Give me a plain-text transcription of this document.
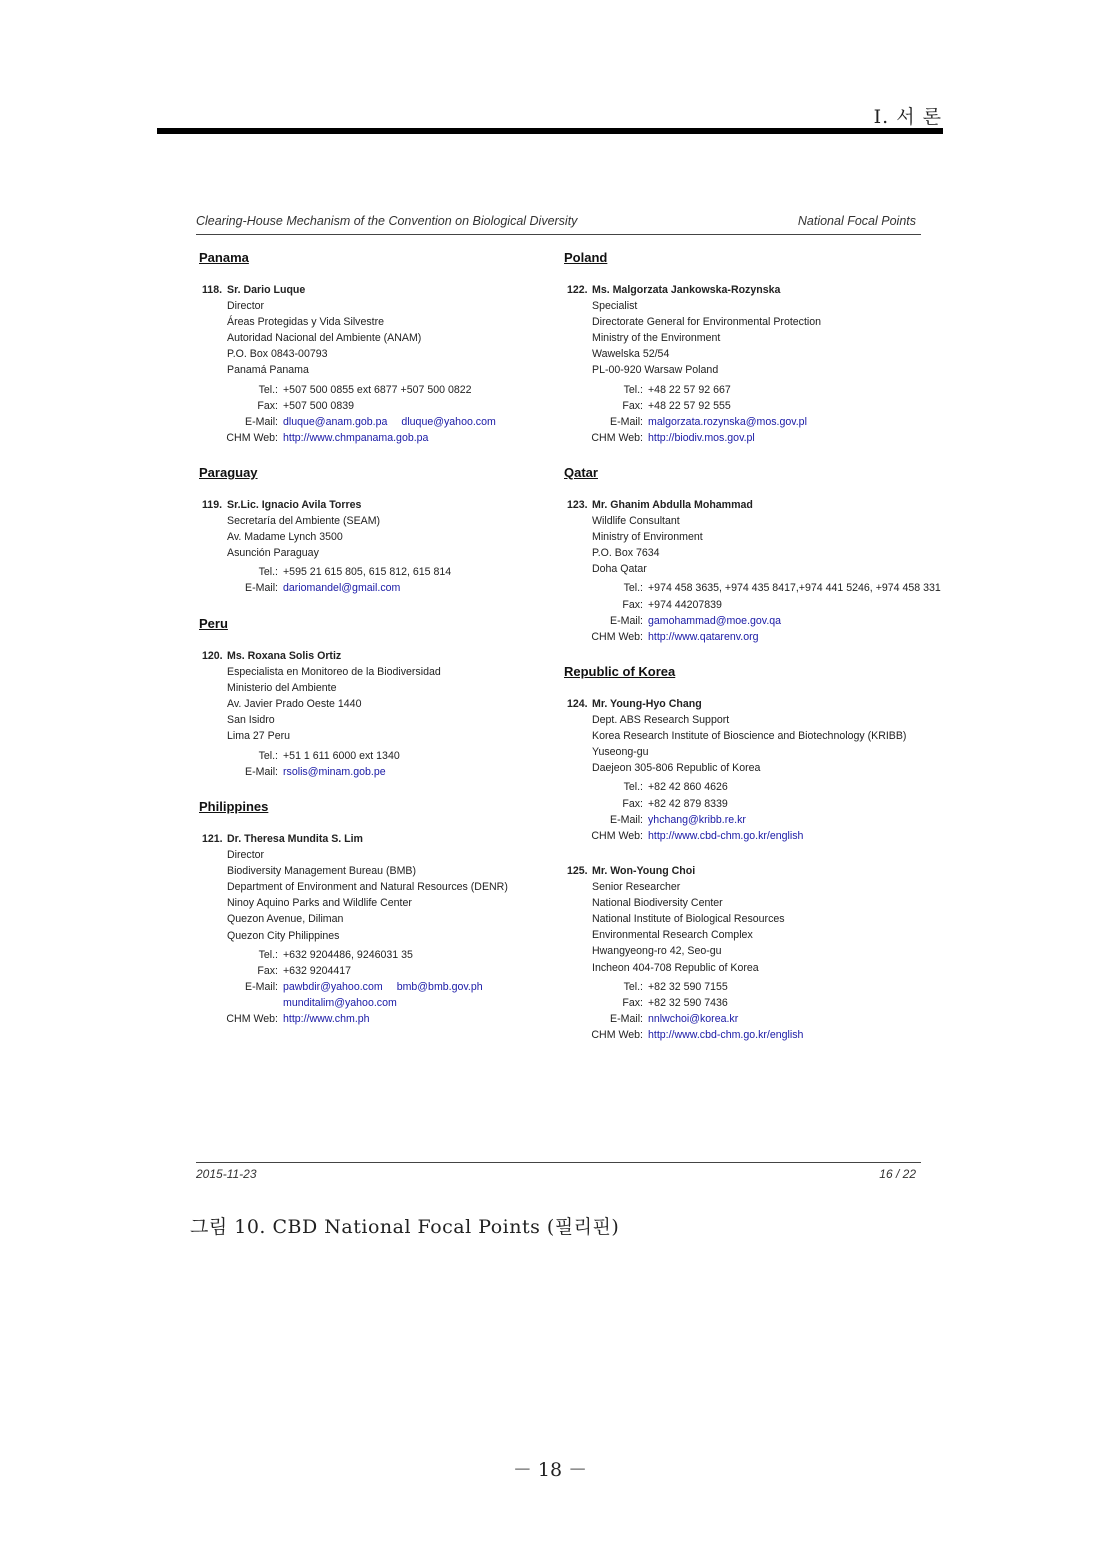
I. 서 론
Clearing-House Mechanism of the Convention on Biological Diversity	National Focal Points
Panama
118. Sr. Dario Luque
Director
Áreas Protegidas y Vida Silvestre
Autoridad Nacional del Ambiente (ANAM)
P.O. Box 0843-00793
Panamá Panama
Tel.: +507 500 0855 ext 6877 +507 500 0822
Fax: +507 500 0839
E-Mail: dluque@anam.gob.pa dluque@yahoo.com
CHM Web: http://www.chmpanama.gob.pa
Paraguay
119. Sr.Lic. Ignacio Avila Torres
Secretaría del Ambiente (SEAM)
Av. Madame Lynch 3500
Asunción Paraguay
Tel.: +595 21 615 805, 615 812, 615 814
E-Mail: dariomandel@gmail.com
Peru
120. Ms. Roxana Solis Ortiz
Especialista en Monitoreo de la Biodiversidad
Ministerio del Ambiente
Av. Javier Prado Oeste 1440
San Isidro
Lima 27 Peru
Tel.: +51 1 611 6000 ext 1340
E-Mail: rsolis@minam.gob.pe
Philippines
121. Dr. Theresa Mundita S. Lim
Director
Biodiversity Management Bureau (BMB)
Department of Environment and Natural Resources (DENR)
Ninoy Aquino Parks and Wildlife Center
Quezon Avenue, Diliman
Quezon City Philippines
Tel.: +632 9204486, 9246031 35
Fax: +632 9204417
E-Mail: pawbdir@yahoo.com bmb@bmb.gov.ph
munditalim@yahoo.com
CHM Web: http://www.chm.ph
Poland
122. Ms. Malgorzata Jankowska-Rozynska
Specialist
Directorate General for Environmental Protection
Ministry of the Environment
Wawelska 52/54
PL-00-920 Warsaw Poland
Tel.: +48 22 57 92 667
Fax: +48 22 57 92 555
E-Mail: malgorzata.rozynska@mos.gov.pl
CHM Web: http://biodiv.mos.gov.pl
Qatar
123. Mr. Ghanim Abdulla Mohammad
Wildlife Consultant
Ministry of Environment
P.O. Box 7634
Doha Qatar
Tel.: +974 458 3635, +974 435 8417,+974 441 5246, +974 458 331
Fax: +974 44207839
E-Mail: gamohammad@moe.gov.qa
CHM Web: http://www.qatarenv.org
Republic of Korea
124. Mr. Young-Hyo Chang
Dept. ABS Research Support
Korea Research Institute of Bioscience and Biotechnology (KRIBB)
Yuseong-gu
Daejeon 305-806 Republic of Korea
Tel.: +82 42 860 4626
Fax: +82 42 879 8339
E-Mail: yhchang@kribb.re.kr
CHM Web: http://www.cbd-chm.go.kr/english
125. Mr. Won-Young Choi
Senior Researcher
National Biodiversity Center
National Institute of Biological Resources
Environmental Research Complex
Hwangyeong-ro 42, Seo-gu
Incheon 404-708 Republic of Korea
Tel.: +82 32 590 7155
Fax: +82 32 590 7436
E-Mail: nnlwchoi@korea.kr
CHM Web: http://www.cbd-chm.go.kr/english
2015-11-23	16 / 22
그림 10. CBD National Focal Points (필리핀)
－ 18 －
